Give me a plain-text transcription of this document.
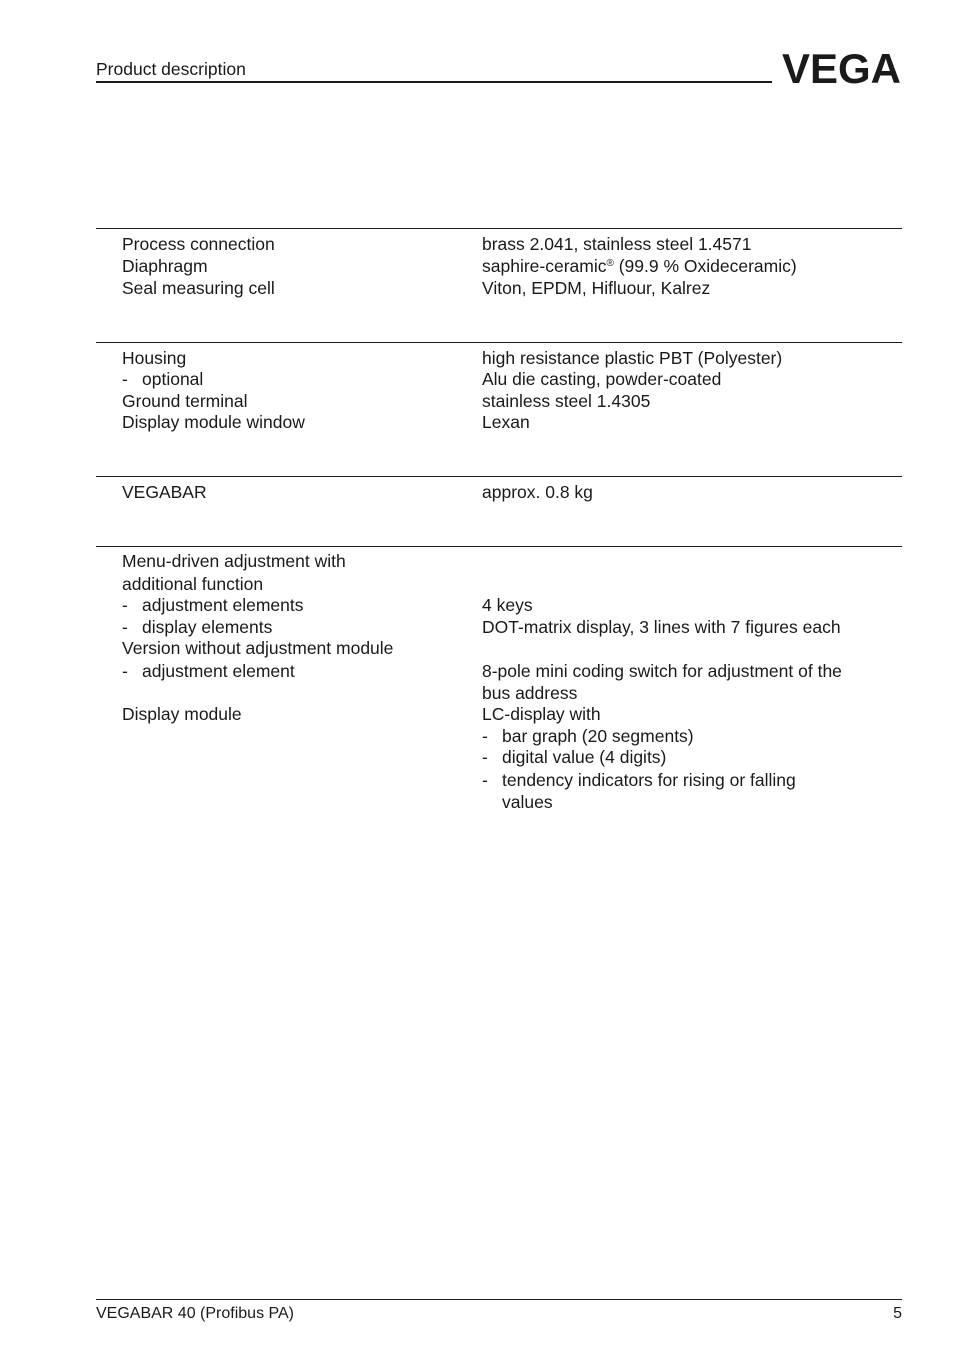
Product description	VEGA
Process connection	brass 2.041, stainless steel 1.4571
Diaphragm	saphire-ceramic® (99.9 % Oxideceramic)
Seal measuring cell	Viton, EPDM, Hifluour, Kalrez
Housing	high resistance plastic PBT (Polyester)
- optional	Alu die casting, powder-coated
Ground terminal	stainless steel 1.4305
Display module window	Lexan
VEGABAR	approx. 0.8 kg
Menu-driven adjustment with
additional function
- adjustment elements	4 keys
- display elements	DOT-matrix display, 3 lines with 7 figures each
Version without adjustment module
- adjustment element	8-pole mini coding switch for adjustment of the
bus address
Display module	LC-display with
- bar graph (20 segments)
- digital value (4 digits)
- tendency indicators for rising or falling
values
VEGABAR 40 (Profibus PA)	5
